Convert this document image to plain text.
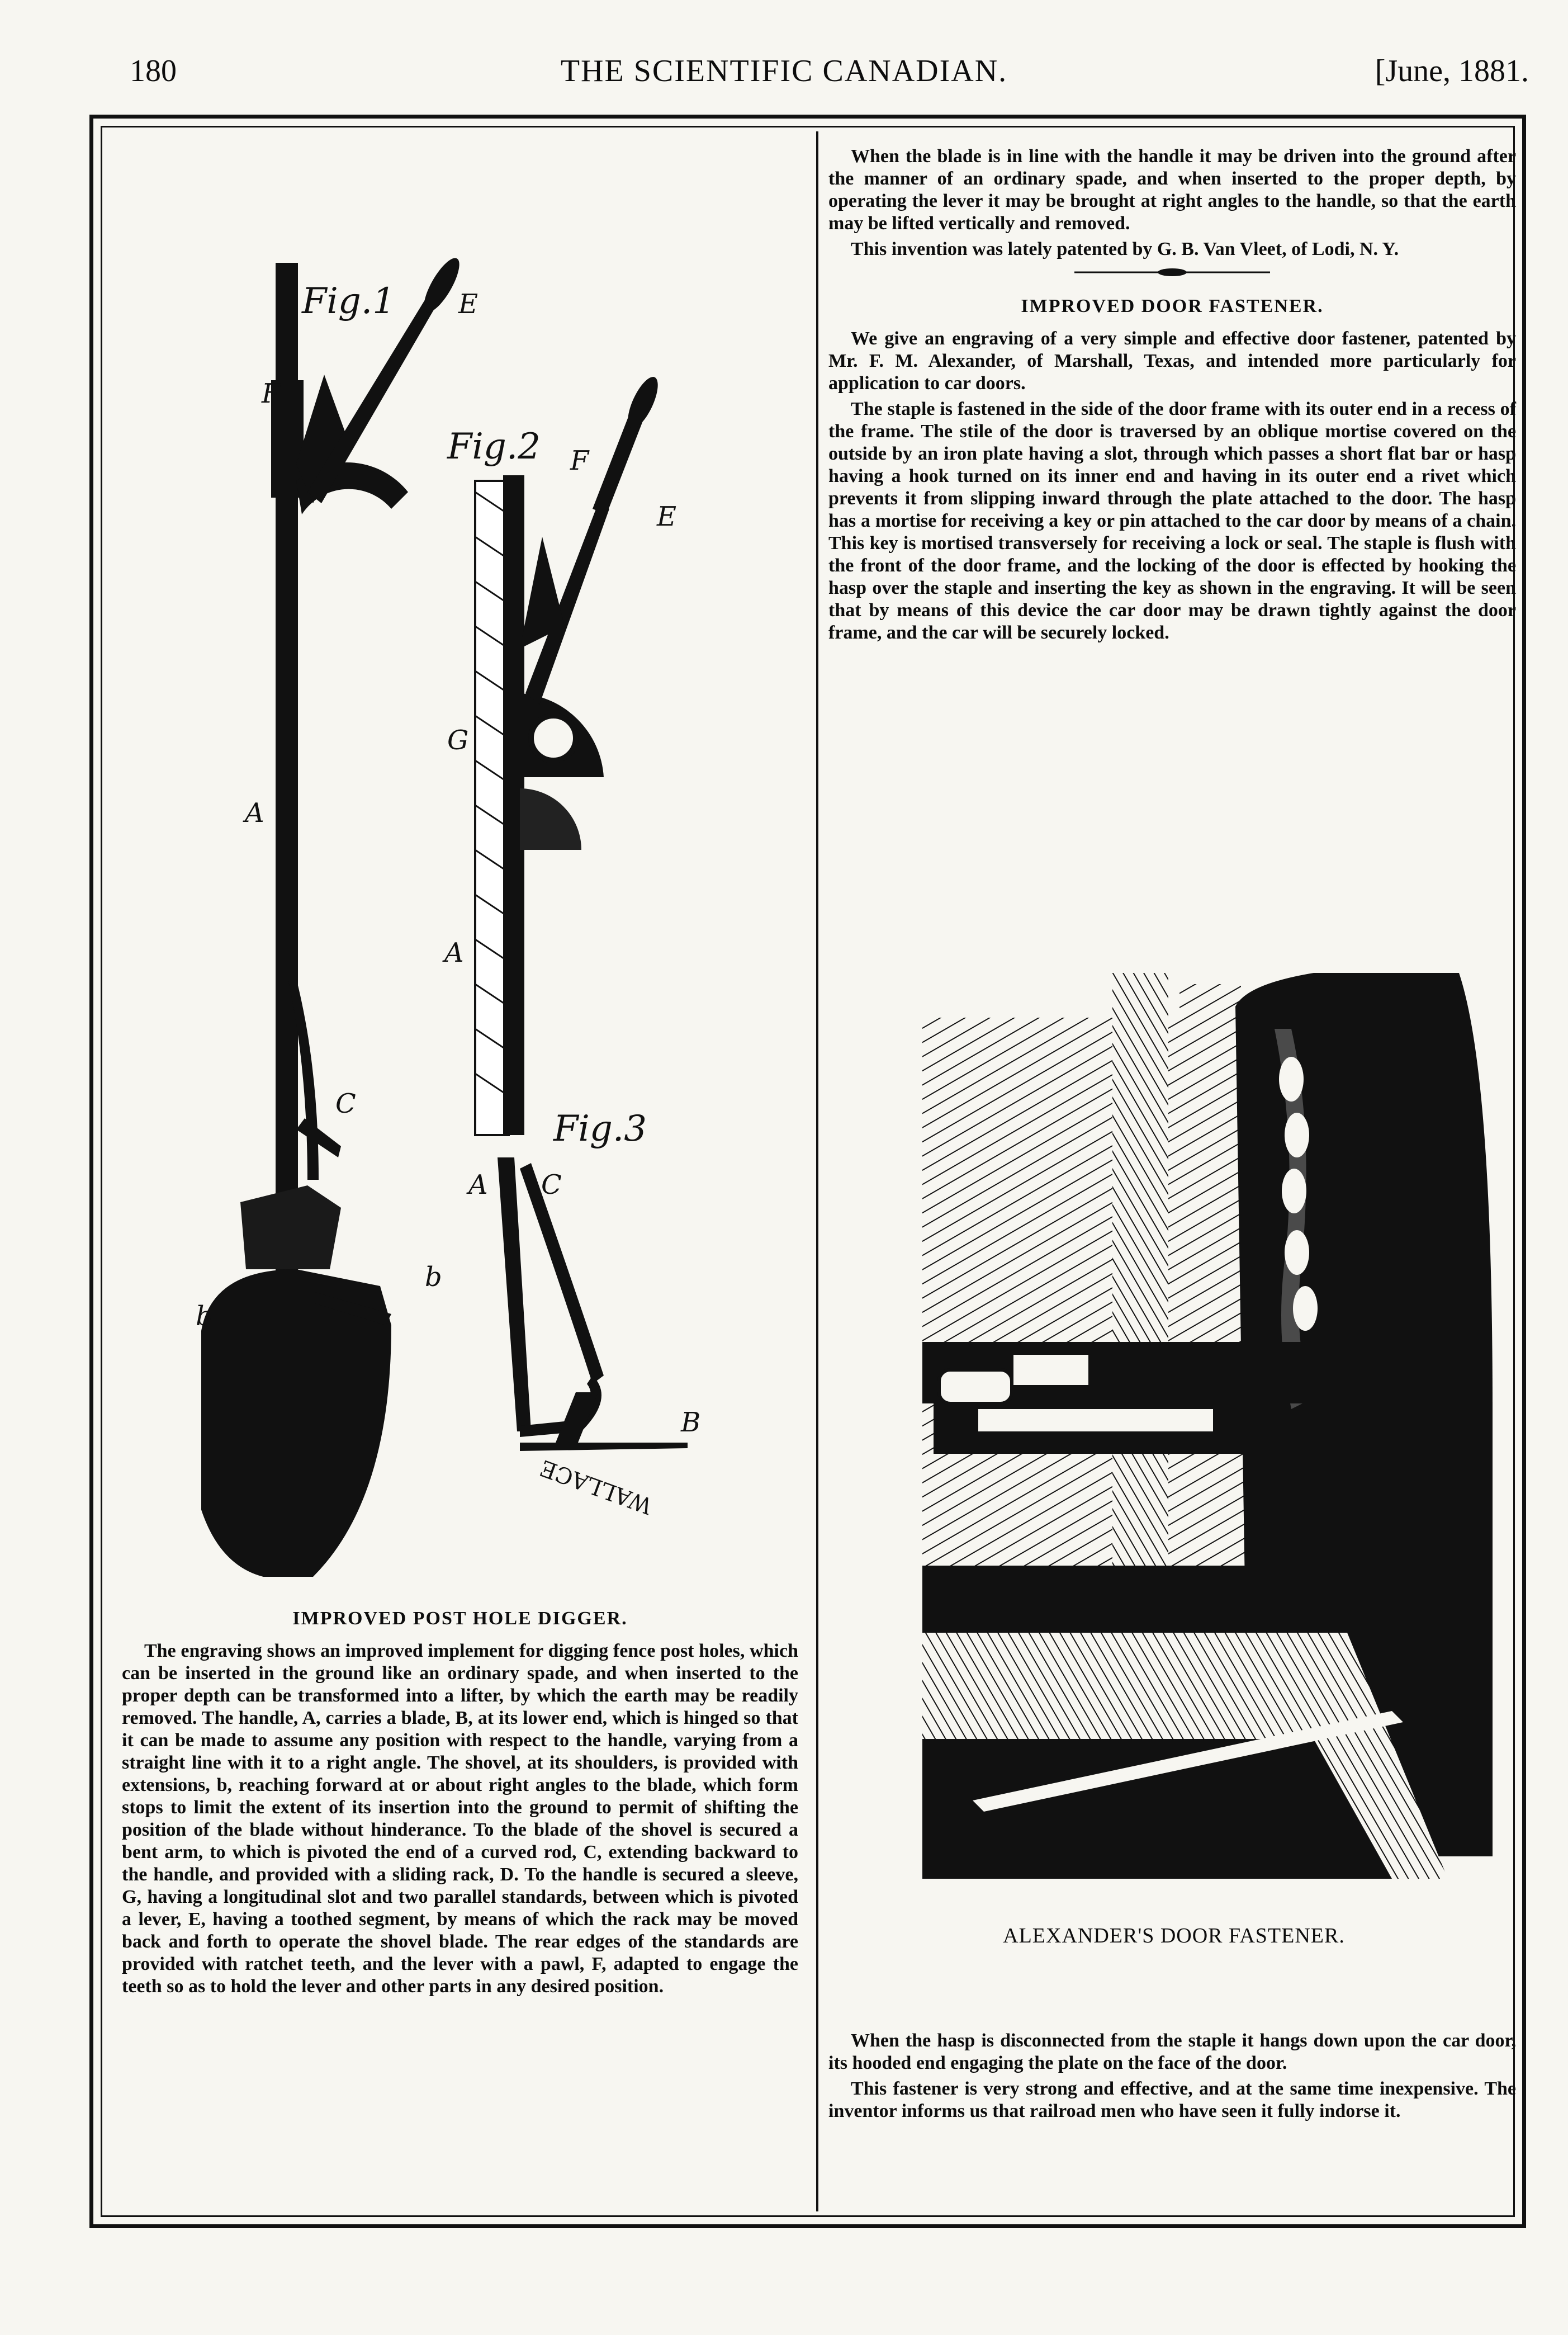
180	THE SCIENTIFIC CANADIAN.	[June, 1881.
Fig.1
F
E
A
C
b
b
Fig.2 F
E
G
A
Fig.3
A C
B
WALLACE
IMPROVED POST HOLE DIGGER.

The engraving shows an improved implement for digging fence post holes, which can be inserted in the ground like an ordinary spade, and when inserted to the proper depth can be transformed into a lifter, by which the earth may be readily removed. The handle, A, carries a blade, B, at its lower end, which is hinged so that it can be made to assume any position with respect to the handle, varying from a straight line with it to a right angle. The shovel, at its shoulders, is provided with extensions, b, reaching forward at or about right angles to the blade, which form stops to limit the extent of its insertion into the ground to permit of shifting the position of the blade without hinderance. To the blade of the shovel is secured a bent arm, to which is pivoted the end of a curved rod, C, extending backward to the handle, and provided with a sliding rack, D. To the handle is secured a sleeve, G, having a longitudinal slot and two parallel standards, between which is pivoted a lever, E, having a toothed segment, by means of which the rack may be moved back and forth to operate the shovel blade. The rear edges of the standards are provided with ratchet teeth, and the lever with a pawl, F, adapted to engage the teeth so as to hold the lever and other parts in any desired position.

When the blade is in line with the handle it may be driven into the ground after the manner of an ordinary spade, and when inserted to the proper depth, by operating the lever it may be brought at right angles to the handle, so that the earth may be lifted vertically and removed.

This invention was lately patented by G. B. Van Vleet, of Lodi, N. Y.

IMPROVED DOOR FASTENER.

We give an engraving of a very simple and effective door fastener, patented by Mr. F. M. Alexander, of Marshall, Texas, and intended more particularly for application to car doors.

The staple is fastened in the side of the door frame with its outer end in a recess of the frame. The stile of the door is traversed by an oblique mortise covered on the outside by an iron plate having a slot, through which passes a short flat bar or hasp having a hook turned on its inner end and having in its outer end a rivet which prevents it from slipping inward through the plate attached to the door. The hasp has a mortise for receiving a key or pin attached to the car door by means of a chain. This key is mortised transversely for receiving a lock or seal. The staple is flush with the front of the door frame, and the locking of the door is effected by hooking the hasp over the staple and inserting the key as shown in the engraving. It will be seen that by means of this device the car door may be drawn tightly against the door frame, and the car will be securely locked.

ALEXANDER'S DOOR FASTENER.

When the hasp is disconnected from the staple it hangs down upon the car door, its hooded end engaging the plate on the face of the door.

This fastener is very strong and effective, and at the same time inexpensive. The inventor informs us that railroad men who have seen it fully indorse it.
